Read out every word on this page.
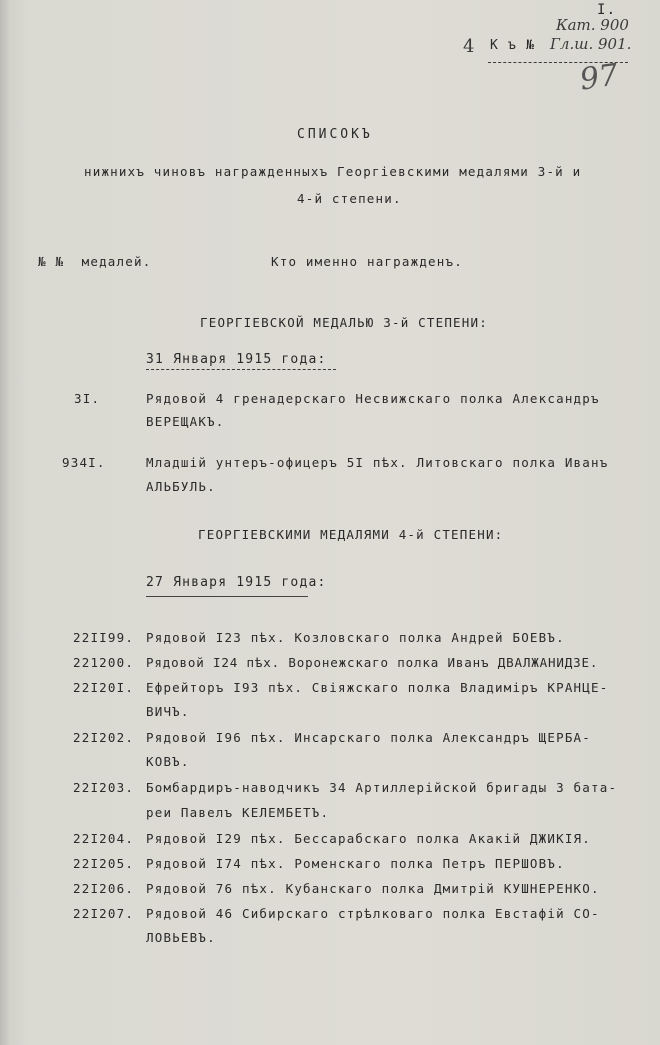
I.
Кат. 900
4 К ъ № Гл.ш. 901.
97
СПИСОКЪ
нижнихъ чиновъ награжденныхъ Георгіевскими медалями 3-й и
4-й степени.
№ №  медалей.	Кто именно награжденъ.
ГЕОРГІЕВСКОЙ МЕДАЛЬЮ 3-й СТЕПЕНИ:
31 Января 1915 года:
3I.	Рядовой 4 гренадерскаго Несвижскаго полка Александръ
ВЕРЕЩАКЪ.
934I.	Младшій унтеръ-офицеръ 5I пѣх. Литовскаго полка Иванъ
АЛЬБУЛЬ.
ГЕОРГІЕВСКИМИ МЕДАЛЯМИ 4-й СТЕПЕНИ:
27 Января 1915 года:
22II99. Рядовой I23 пѣх. Козловскаго полка Андрей БОЕВЪ.
221200. Рядовой I24 пѣх. Воронежскаго полка Иванъ ДВАЛЖАНИДЗЕ.
22I20I. Ефрейторъ I93 пѣх. Свіяжскаго полка Владиміръ КРАНЦЕ-
ВИЧЪ.
22I202. Рядовой I96 пѣх. Инсарскаго полка Александръ ЩЕРБА-
КОВЪ.
22I203. Бомбардиръ-наводчикъ 34 Артиллерійской бригады 3 бата-
реи Павелъ КЕЛЕМБЕТЪ.
22I204. Рядовой I29 пѣх. Бессарабскаго полка Акакій ДЖИКІЯ.
22I205. Рядовой I74 пѣх. Роменскаго полка Петръ ПЕРШОВЪ.
22I206. Рядовой 76 пѣх. Кубанскаго полка Дмитрій КУШНЕРЕНКО.
22I207. Рядовой 46 Сибирскаго стрѣлковаго полка Евстафій СО-
ЛОВЬЕВЪ.
